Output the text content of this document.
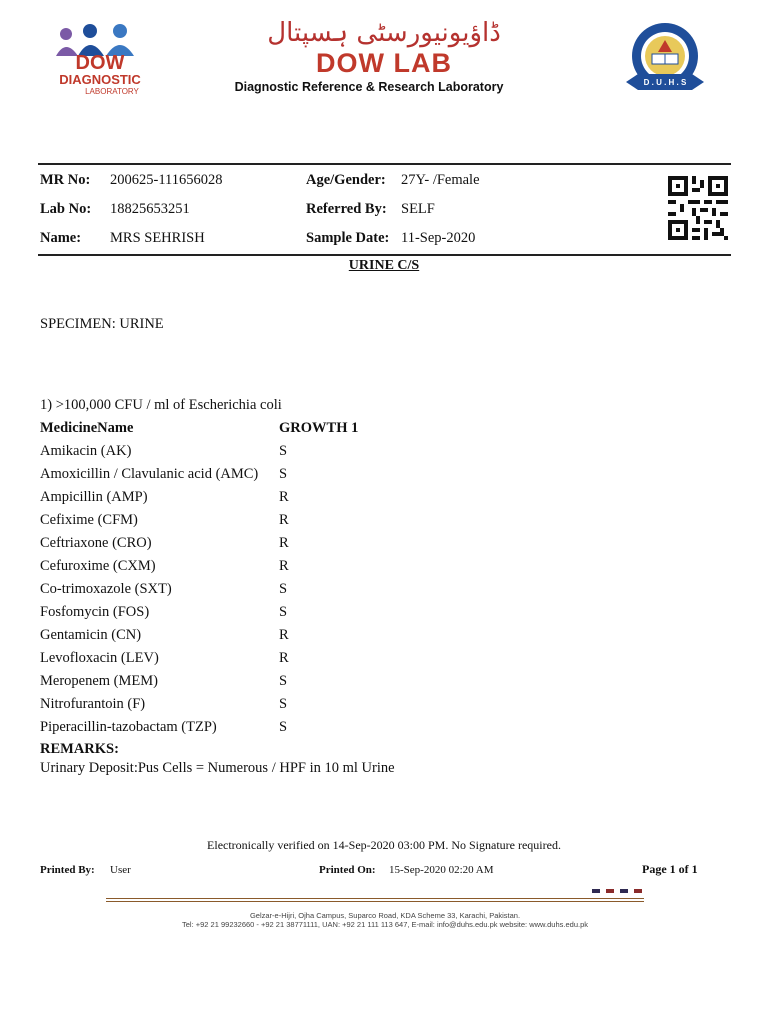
DOW
DIAGNOSTIC
LABORATORY
ڈاؤیونیورسٹی ہسپتال
DOW LAB
Diagnostic Reference & Research Laboratory	D . U . H . S
MR No: 200625-111656028	Age/Gender: 27Y- /Female
Lab No: 18825653251	Referred By: SELF
Name: MRS SEHRISH	Sample Date: 11-Sep-2020
URINE C/S
SPECIMEN: URINE
1) >100,000 CFU / ml of Escherichia coli
MedicineName	GROWTH 1
Amikacin (AK)	S
Amoxicillin / Clavulanic acid (AMC) S
Ampicillin (AMP)	R
Cefixime (CFM)	R
Ceftriaxone (CRO)	R
Cefuroxime (CXM)	R
Co-trimoxazole (SXT)	S
Fosfomycin (FOS)	S
Gentamicin (CN)	R
Levofloxacin (LEV)	R
Meropenem (MEM)	S
Nitrofurantoin (F)	S
Piperacillin-tazobactam (TZP)	S
REMARKS:
Urinary Deposit:Pus Cells = Numerous / HPF in 10 ml Urine
Electronically verified on 14-Sep-2020 03:00 PM. No Signature required.
Printed By: User	Printed On: 15-Sep-2020 02:20 AM	Page 1 of 1
Gelzar-e-Hijri, Ojha Campus, Suparco Road, KDA Scheme 33, Karachi, Pakistan.
Tel: +92 21 99232660 - +92 21 38771111, UAN: +92 21 111 113 647, E-mail: info@duhs.edu.pk website: www.duhs.edu.pk
